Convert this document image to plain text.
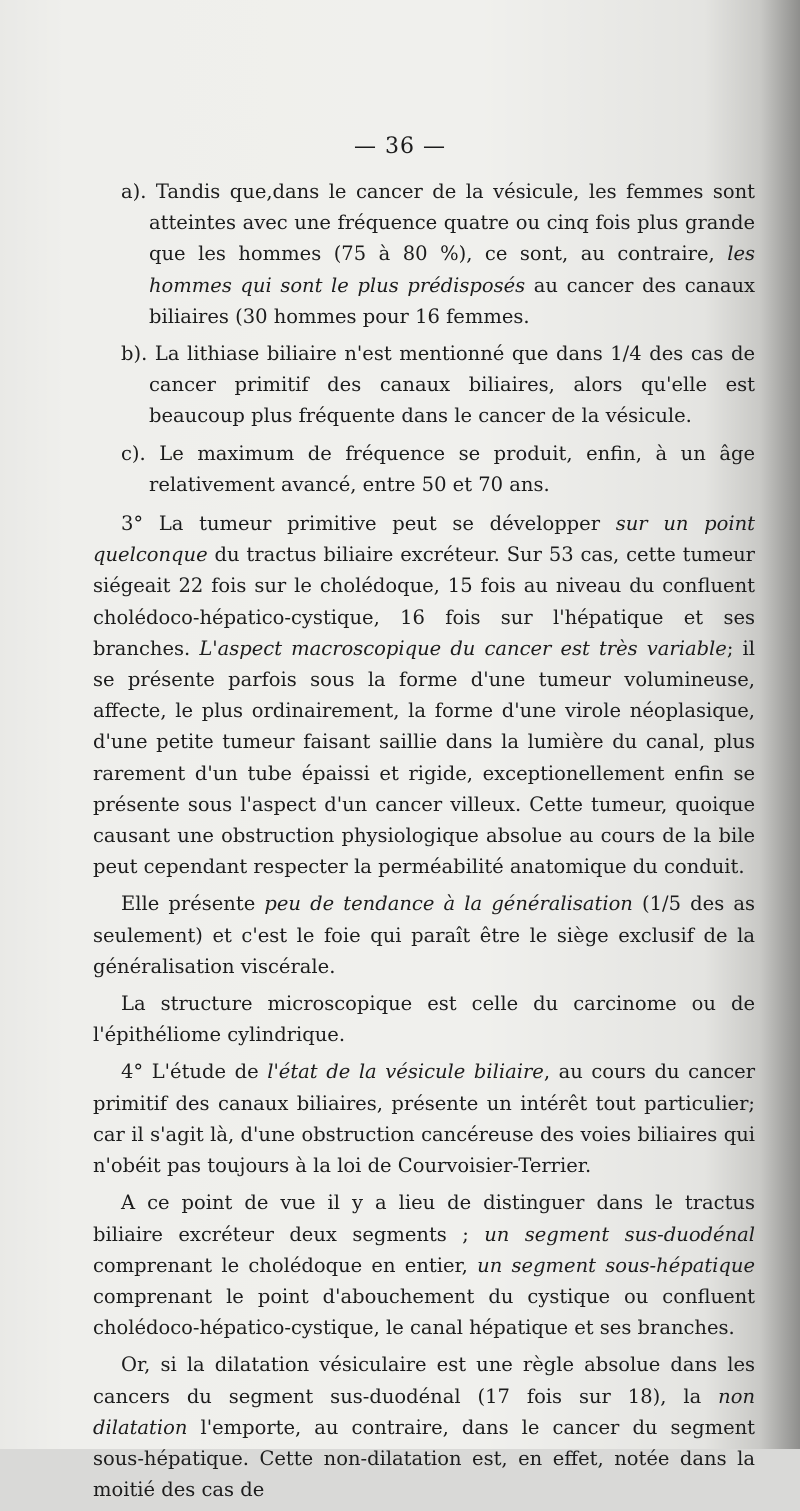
— 36 —

a). Tandis que,dans le cancer de la vésicule, les femmes sont atteintes avec une fréquence quatre ou cinq fois plus grande que les hommes (75 à 80 %), ce sont, au contraire, les hommes qui sont le plus prédisposés au cancer des canaux biliaires (30 hommes pour 16 femmes.

b). La lithiase biliaire n'est mentionné que dans 1/4 des cas de cancer primitif des canaux biliaires, alors qu'elle est beaucoup plus fréquente dans le cancer de la vésicule.

c). Le maximum de fréquence se produit, enfin, à un âge relativement avancé, entre 50 et 70 ans.

3° La tumeur primitive peut se développer sur un point quelconque du tractus biliaire excréteur. Sur 53 cas, cette tumeur siégeait 22 fois sur le cholédoque, 15 fois au niveau du confluent cholédoco-hépatico-cystique, 16 fois sur l'hépatique et ses branches. L'aspect macroscopique du cancer est très variable; il se présente parfois sous la forme d'une tumeur volumineuse, affecte, le plus ordinairement, la forme d'une virole néoplasique, d'une petite tumeur faisant saillie dans la lumière du canal, plus rarement d'un tube épaissi et rigide, exceptionellement enfin se présente sous l'aspect d'un cancer villeux. Cette tumeur, quoique causant une obstruction physiologique absolue au cours de la bile peut cependant respecter la perméabilité anatomique du conduit.

Elle présente peu de tendance à la généralisation (1/5 des as seulement) et c'est le foie qui paraît être le siège exclusif de la généralisation viscérale.

La structure microscopique est celle du carcinome ou de l'épithéliome cylindrique.

4° L'étude de l'état de la vésicule biliaire, au cours du cancer primitif des canaux biliaires, présente un intérêt tout particulier; car il s'agit là, d'une obstruction cancéreuse des voies biliaires qui n'obéit pas toujours à la loi de Courvoisier-Terrier.

A ce point de vue il y a lieu de distinguer dans le tractus biliaire excréteur deux segments ; un segment sus-duodénal comprenant le cholédoque en entier, un segment sous-hépatique comprenant le point d'abouchement du cystique ou confluent cholédoco-hépatico-cystique, le canal hépatique et ses branches.

Or, si la dilatation vésiculaire est une règle absolue dans les cancers du segment sus-duodénal (17 fois sur 18), la non dilatation l'emporte, au contraire, dans le cancer du segment sous-hépatique. Cette non-dilatation est, en effet, notée dans la moitié des cas de
